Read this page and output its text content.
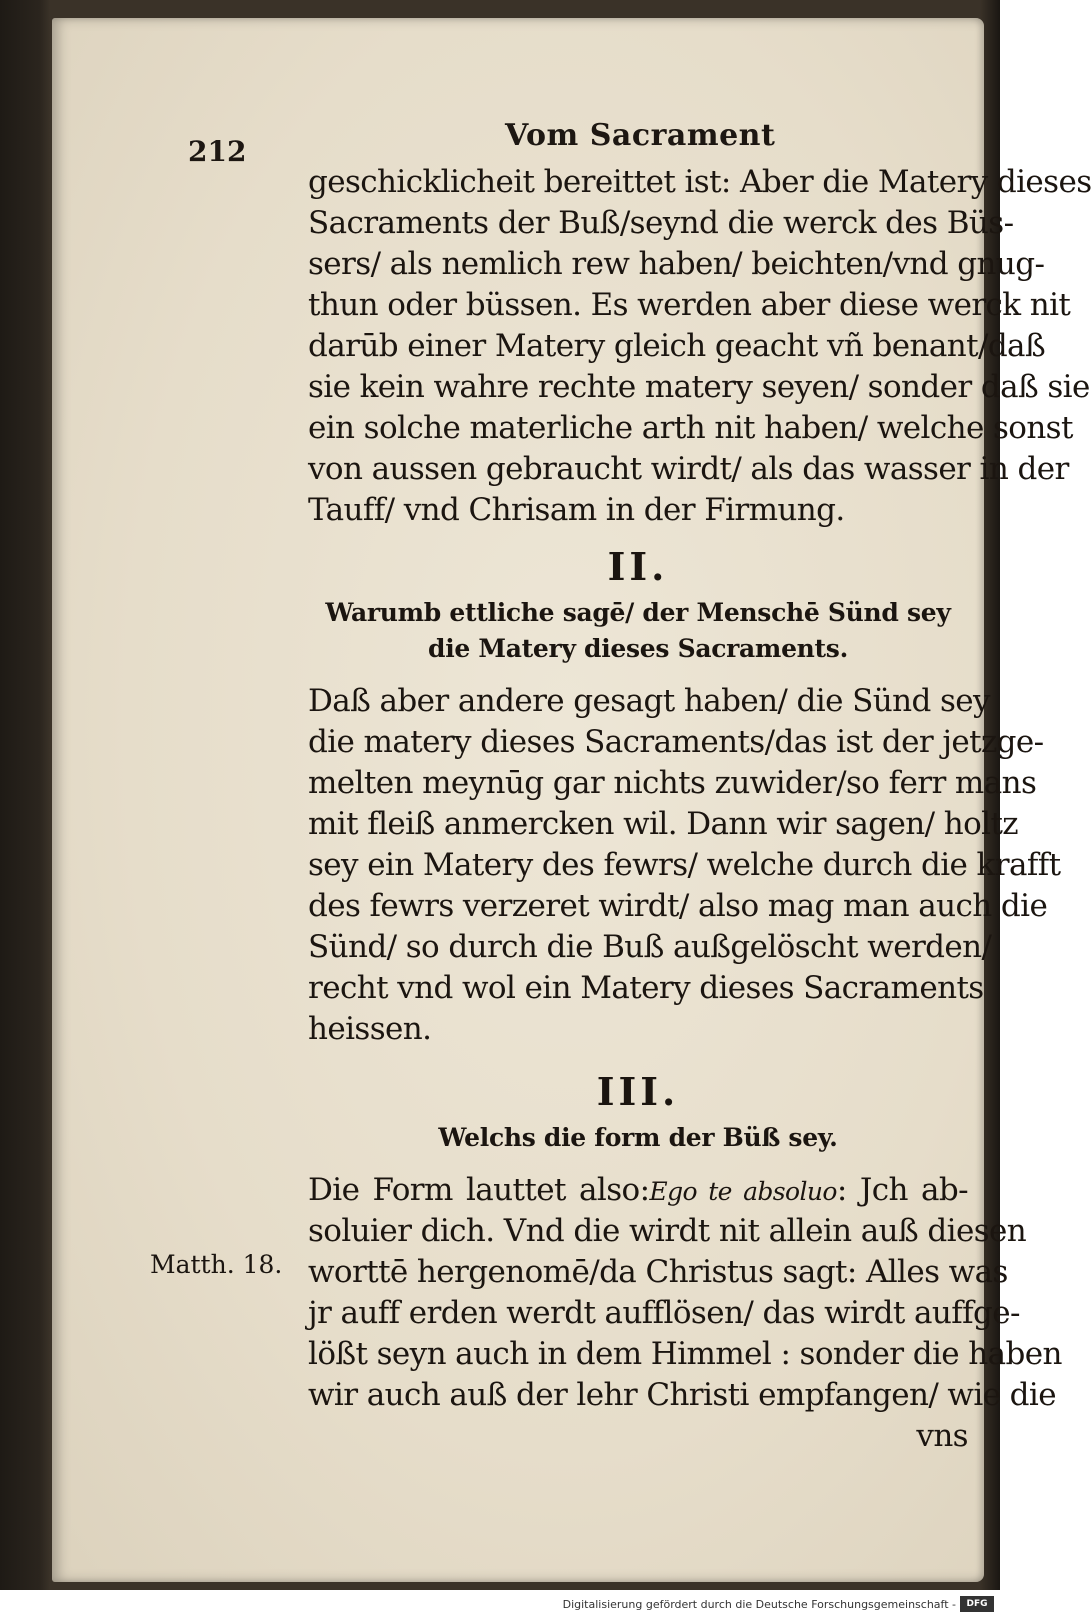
212	Vom Sacrament
geschicklicheit bereittet ist: Aber die Matery dieses
Sacraments der Buß/seynd die werck des Büs-
sers/ als nemlich rew haben/ beichten/vnd gnug-
thun oder büssen. Es werden aber diese werck nit
darūb einer Matery gleich geacht vñ benant/daß
sie kein wahre rechte matery seyen/ sonder daß sie
ein solche materliche arth nit haben/ welche sonst
von aussen gebraucht wirdt/ als das wasser in der
Tauff/ vnd Chrisam in der Firmung.
II.
Warumb ettliche sagē/ der Menschē Sünd sey
die Matery dieses Sacraments.
Daß aber andere gesagt haben/ die Sünd sey
die matery dieses Sacraments/das ist der jetzge-
melten meynūg gar nichts zuwider/so ferr mans
mit fleiß anmercken wil. Dann wir sagen/ holtz
sey ein Matery des fewrs/ welche durch die krafft
des fewrs verzeret wirdt/ also mag man auch die
Sünd/ so durch die Buß außgelöscht werden/
recht vnd wol ein Matery dieses Sacraments
heissen.
III.
Welchs die form der Büß sey.
Die Form lauttet also:Ego te absoluo: Jch ab-
soluier dich. Vnd die wirdt nit allein auß diesen
worttē hergenomē/da Christus sagt: Alles was
jr auff erden werdt aufflösen/ das wirdt auffge-
lößt seyn auch in dem Himmel : sonder die haben
wir auch auß der lehr Christi empfangen/ wie die
vns
Matth. 18.
Digitalisierung gefördert durch die Deutsche Forschungsgemeinschaft -	DFG
